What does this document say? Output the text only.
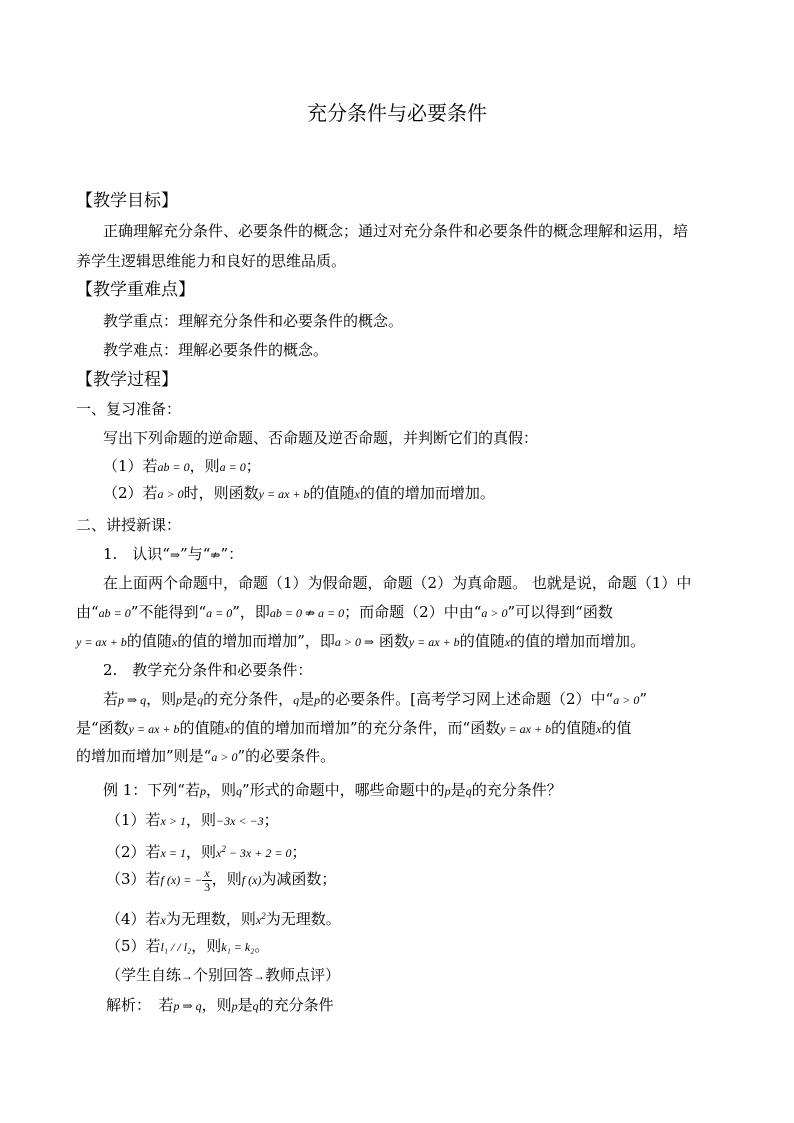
充分条件与必要条件
【教学目标】
正确理解充分条件、必要条件的概念；通过对充分条件和必要条件的概念理解和运用，培
养学生逻辑思维能力和良好的思维品质。
【教学重难点】
教学重点：理解充分条件和必要条件的概念。
教学难点：理解必要条件的概念。
【教学过程】
一、复习准备：
写出下列命题的逆命题、否命题及逆否命题，并判断它们的真假：
（1）若ab = 0，则a = 0；
（2）若a > 0时，则函数y = ax + b的值随x的值的增加而增加。
二、讲授新课：
1.　认识“⇒”与“⇏”：
在上面两个命题中，命题（1）为假命题，命题（2）为真命题。 也就是说，命题（1）中
由“ab = 0”不能得到“a = 0”，即ab = 0 ⇏ a = 0；而命题（2）中由“a > 0”可以得到“函数
y = ax + b的值随x的值的增加而增加”，即a > 0 ⇒ 函数y = ax + b的值随x的值的增加而增加。
2.　教学充分条件和必要条件：
若p ⇒ q，则p是q的充分条件，q是p的必要条件。[高考学习网上述命题（2）中“a > 0”
是“函数y = ax + b的值随x的值的增加而增加”的充分条件，而“函数y = ax + b的值随x的值
的增加而增加”则是“a > 0”的必要条件。
例 1：下列“若p，则q”形式的命题中，哪些命题中的p是q的充分条件？
（1）若x > 1，则−3x < −3；
（2）若x = 1，则$x^2 - 3x + 2 = 0$；
（3）若f (x) = − $\frac{x}{3}$ ，则f (x)为减函数；
（4）若x为无理数，则$x^2$为无理数。
（5）若l₁ / / l₂，则k₁ = k₂。
（学生自练→个别回答→教师点评）
解析：　若p ⇒ q，则p是q的充分条件
